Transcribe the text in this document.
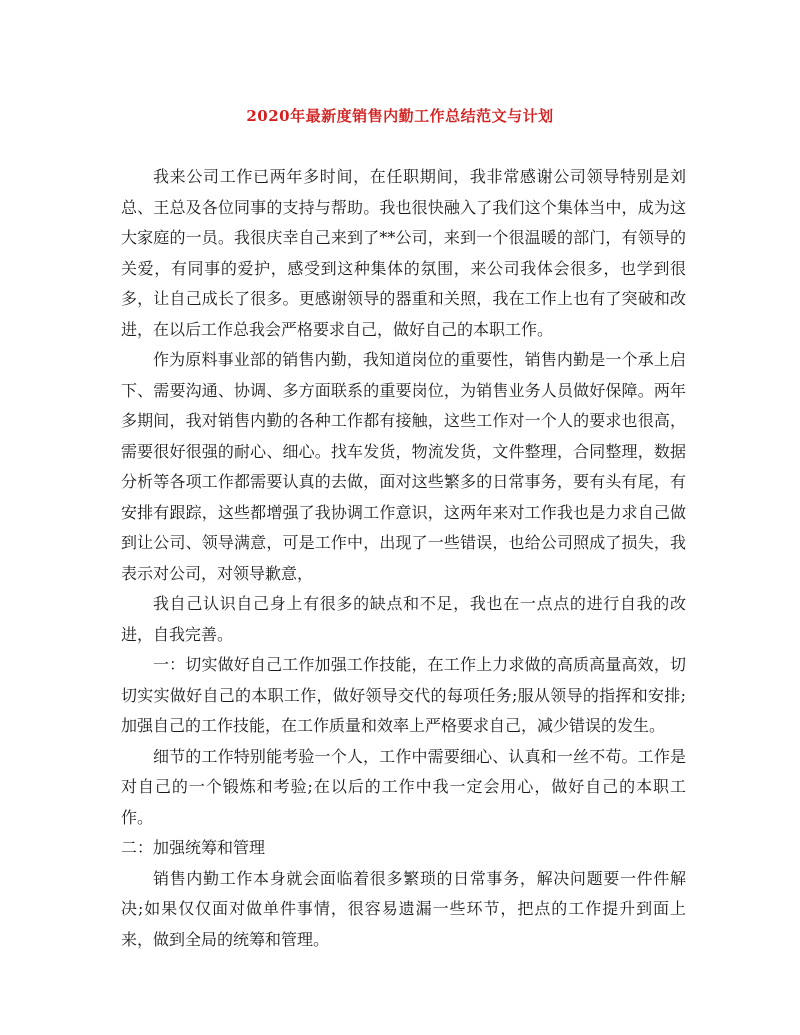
2020年最新度销售内勤工作总结范文与计划

我来公司工作已两年多时间，在任职期间，我非常感谢公司领导特别是刘总、王总及各位同事的支持与帮助。我也很快融入了我们这个集体当中，成为这大家庭的一员。我很庆幸自己来到了**公司，来到一个很温暖的部门，有领导的关爱，有同事的爱护，感受到这种集体的氛围，来公司我体会很多，也学到很多，让自己成长了很多。更感谢领导的器重和关照，我在工作上也有了突破和改进，在以后工作总我会严格要求自己，做好自己的本职工作。

作为原料事业部的销售内勤，我知道岗位的重要性，销售内勤是一个承上启下、需要沟通、协调、多方面联系的重要岗位，为销售业务人员做好保障。两年多期间，我对销售内勤的各种工作都有接触，这些工作对一个人的要求也很高，需要很好很强的耐心、细心。找车发货，物流发货，文件整理，合同整理，数据分析等各项工作都需要认真的去做，面对这些繁多的日常事务，要有头有尾，有安排有跟踪，这些都增强了我协调工作意识，这两年来对工作我也是力求自己做到让公司、领导满意，可是工作中，出现了一些错误，也给公司照成了损失，我表示对公司，对领导歉意，

我自己认识自己身上有很多的缺点和不足，我也在一点点的进行自我的改进，自我完善。

一：切实做好自己工作加强工作技能，在工作上力求做的高质高量高效，切切实实做好自己的本职工作，做好领导交代的每项任务;服从领导的指挥和安排;加强自己的工作技能，在工作质量和效率上严格要求自己，减少错误的发生。

细节的工作特别能考验一个人，工作中需要细心、认真和一丝不苟。工作是对自己的一个锻炼和考验;在以后的工作中我一定会用心，做好自己的本职工作。

二：加强统筹和管理

销售内勤工作本身就会面临着很多繁琐的日常事务，解决问题要一件件解决;如果仅仅面对做单件事情，很容易遗漏一些环节，把点的工作提升到面上来，做到全局的统筹和管理。
